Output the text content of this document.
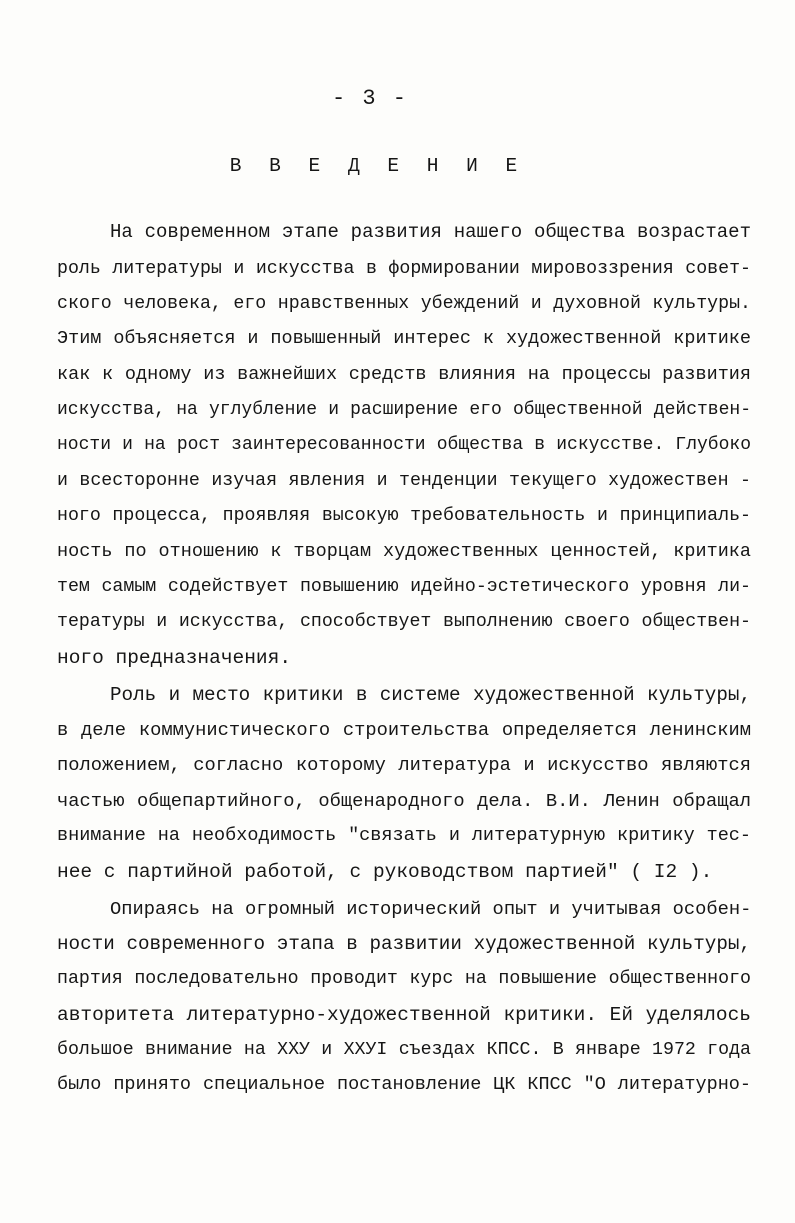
- 3 -
В В Е Д Е Н И Е
На современном этапе развития нашего общества возрастает
роль литературы и искусства в формировании мировоззрения совет-
ского человека, его нравственных убеждений и духовной культуры.
Этим объясняется и повышенный интерес к художественной критике
как к одному из важнейших средств влияния на процессы развития
искусства, на углубление и расширение его общественной действен-
ности и на рост заинтересованности общества в искусстве. Глубоко
и всесторонне изучая явления и тенденции текущего художествен -
ного процесса, проявляя высокую требовательность и принципиаль-
ность по отношению к творцам художественных ценностей, критика
тем самым содействует повышению идейно-эстетического уровня ли-
тературы и искусства, способствует выполнению своего обществен-
ного предназначения.
Роль и место критики в системе художественной культуры,
в деле коммунистического строительства определяется ленинским
положением, согласно которому литература и искусство являются
частью общепартийного, общенародного дела. В.И. Ленин обращал
внимание на необходимость "связать и литературную критику тес-
нее с партийной работой, с руководством партией" ( I2 ).
Опираясь на огромный исторический опыт и учитывая особен-
ности современного этапа в развитии художественной культуры,
партия последовательно проводит курс на повышение общественного
авторитета литературно-художественной критики. Ей уделялось
большое внимание на ХХУ и ХХУI съездах КПСС. В январе 1972 года
было принято специальное постановление ЦК КПСС "О литературно-
